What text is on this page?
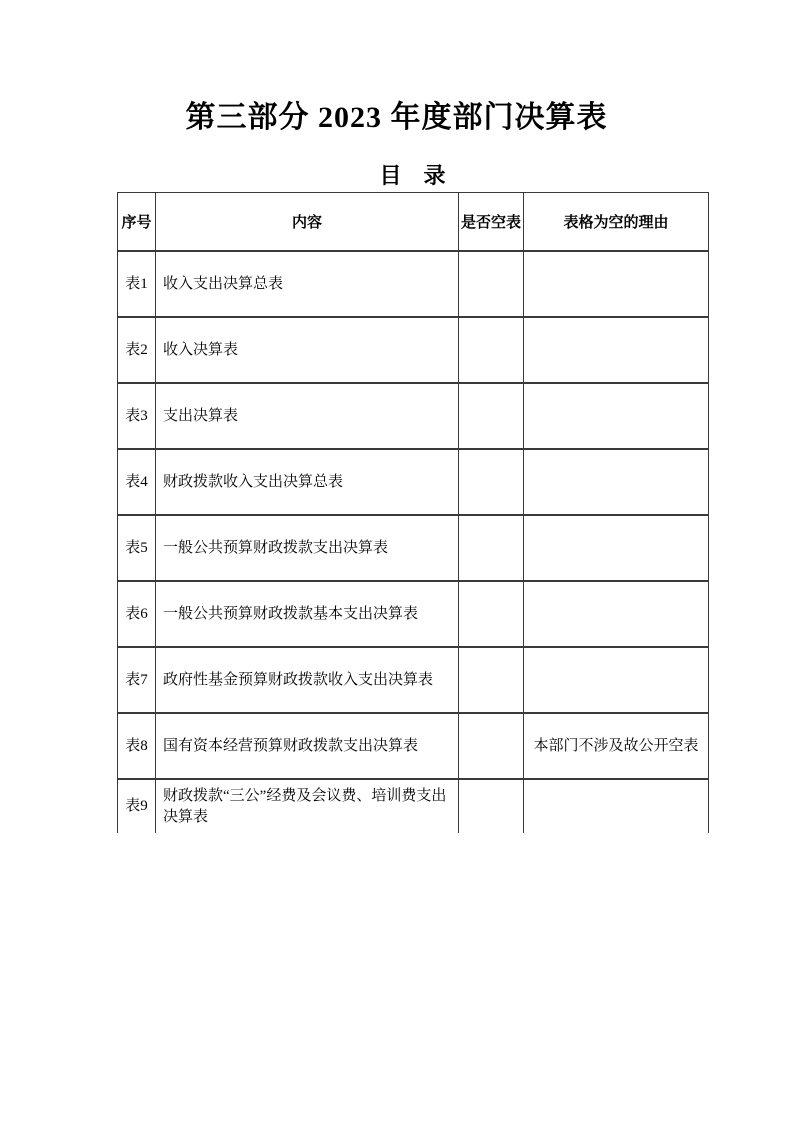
第三部分 2023 年度部门决算表
目　录
序号	内容	是否空表	表格为空的理由
表1	收入支出决算总表		
表2	收入决算表		
表3	支出决算表		
表4	财政拨款收入支出决算总表		
表5	一般公共预算财政拨款支出决算表		
表6	一般公共预算财政拨款基本支出决算表		
表7	政府性基金预算财政拨款收入支出决算表		
表8	国有资本经营预算财政拨款支出决算表		本部门不涉及故公开空表
表9	财政拨款“三公”经费及会议费、培训费支出决算表		
